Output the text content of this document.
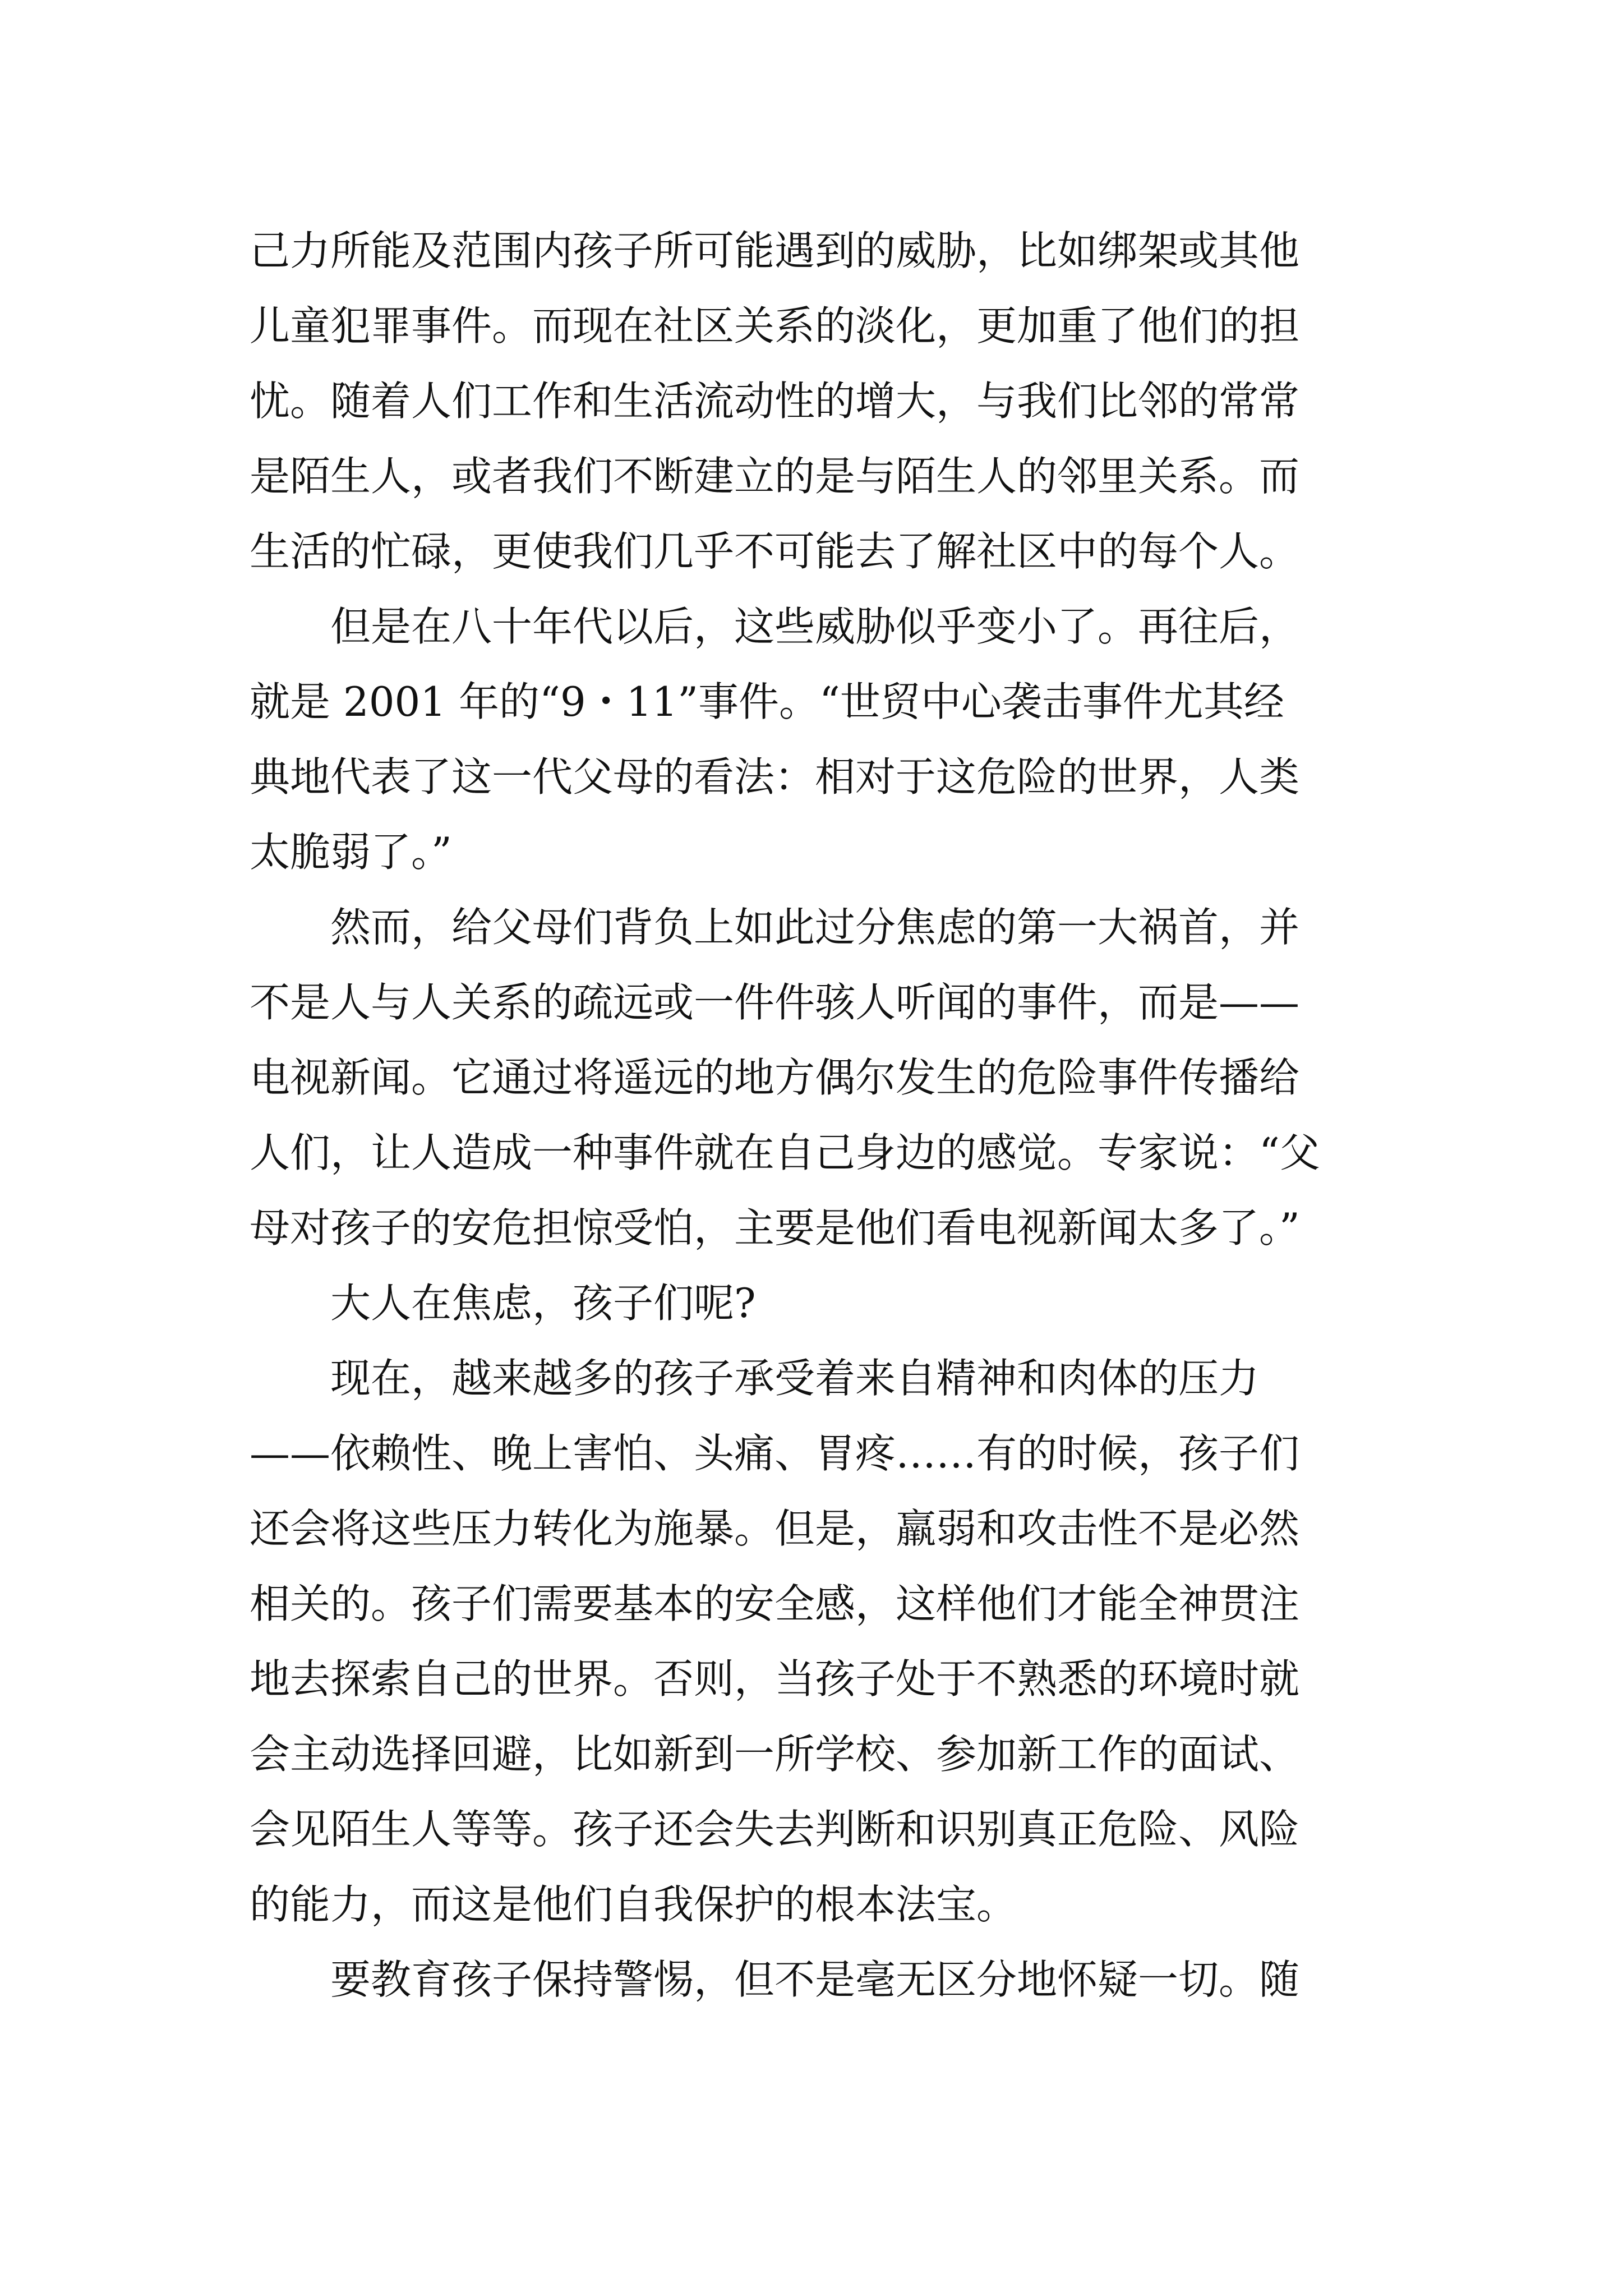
己力所能及范围内孩子所可能遇到的威胁，比如绑架或其他
儿童犯罪事件。而现在社区关系的淡化，更加重了他们的担
忧。随着人们工作和生活流动性的增大，与我们比邻的常常
是陌生人，或者我们不断建立的是与陌生人的邻里关系。而
生活的忙碌，更使我们几乎不可能去了解社区中的每个人。

但是在八十年代以后，这些威胁似乎变小了。再往后，
就是 2001 年的“9・11”事件。“世贸中心袭击事件尤其经
典地代表了这一代父母的看法：相对于这危险的世界，人类
太脆弱了。”

然而，给父母们背负上如此过分焦虑的第一大祸首，并
不是人与人关系的疏远或一件件骇人听闻的事件，而是——
电视新闻。它通过将遥远的地方偶尔发生的危险事件传播给
人们，让人造成一种事件就在自己身边的感觉。专家说：“父
母对孩子的安危担惊受怕，主要是他们看电视新闻太多了。”

大人在焦虑，孩子们呢?

现在，越来越多的孩子承受着来自精神和肉体的压力
——依赖性、晚上害怕、头痛、胃疼……有的时候，孩子们
还会将这些压力转化为施暴。但是，羸弱和攻击性不是必然
相关的。孩子们需要基本的安全感，这样他们才能全神贯注
地去探索自己的世界。否则，当孩子处于不熟悉的环境时就
会主动选择回避，比如新到一所学校、参加新工作的面试、
会见陌生人等等。孩子还会失去判断和识别真正危险、风险
的能力，而这是他们自我保护的根本法宝。

要教育孩子保持警惕，但不是毫无区分地怀疑一切。随
